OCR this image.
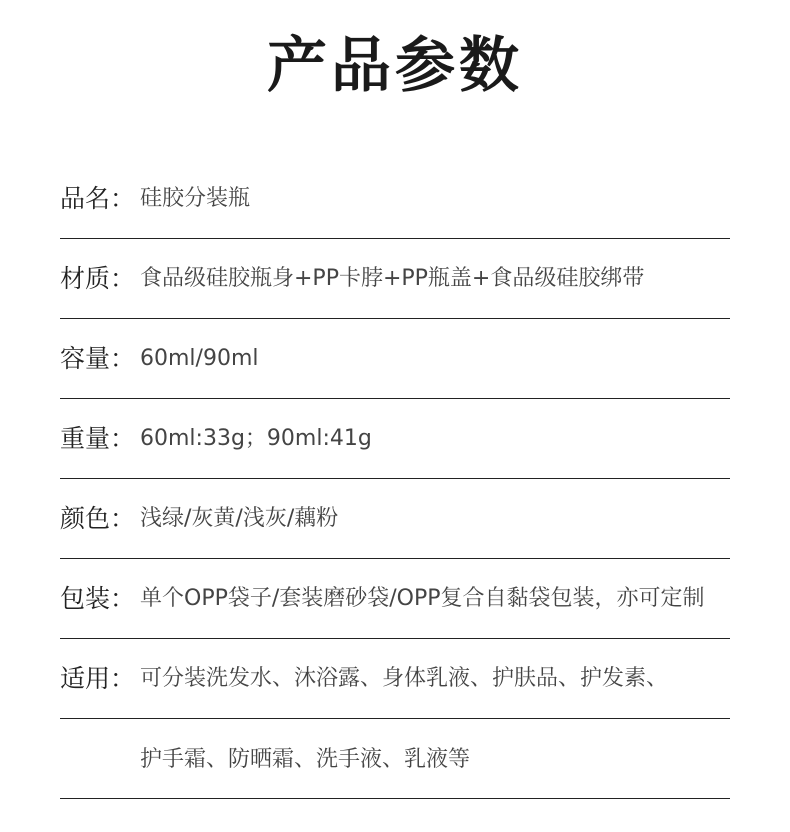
产品参数
品名： 硅胶分装瓶
材质： 食品级硅胶瓶身+PP卡脖+PP瓶盖+食品级硅胶绑带
容量： 60ml/90ml
重量： 60ml:33g；90ml:41g
颜色： 浅绿/灰黄/浅灰/藕粉
包装： 单个OPP袋子/套装磨砂袋/OPP复合自黏袋包装，亦可定制
适用： 可分装洗发水、沐浴露、身体乳液、护肤品、护发素、
护手霜、防晒霜、洗手液、乳液等
